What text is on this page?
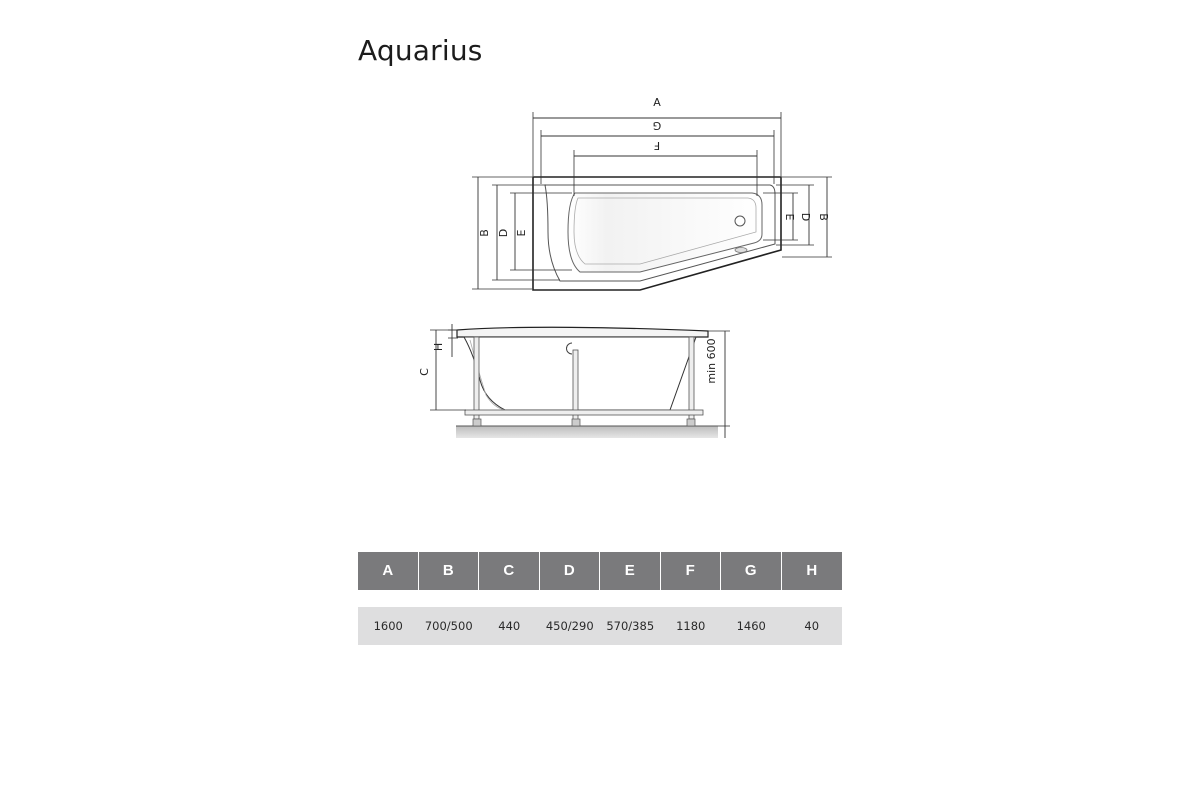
Aquarius
A
G
F
B D E
E D B
H
C	min 600
A	B	C	D	E	F	G	H
1600	700/500	440	450/290	570/385	1180	1460	40
